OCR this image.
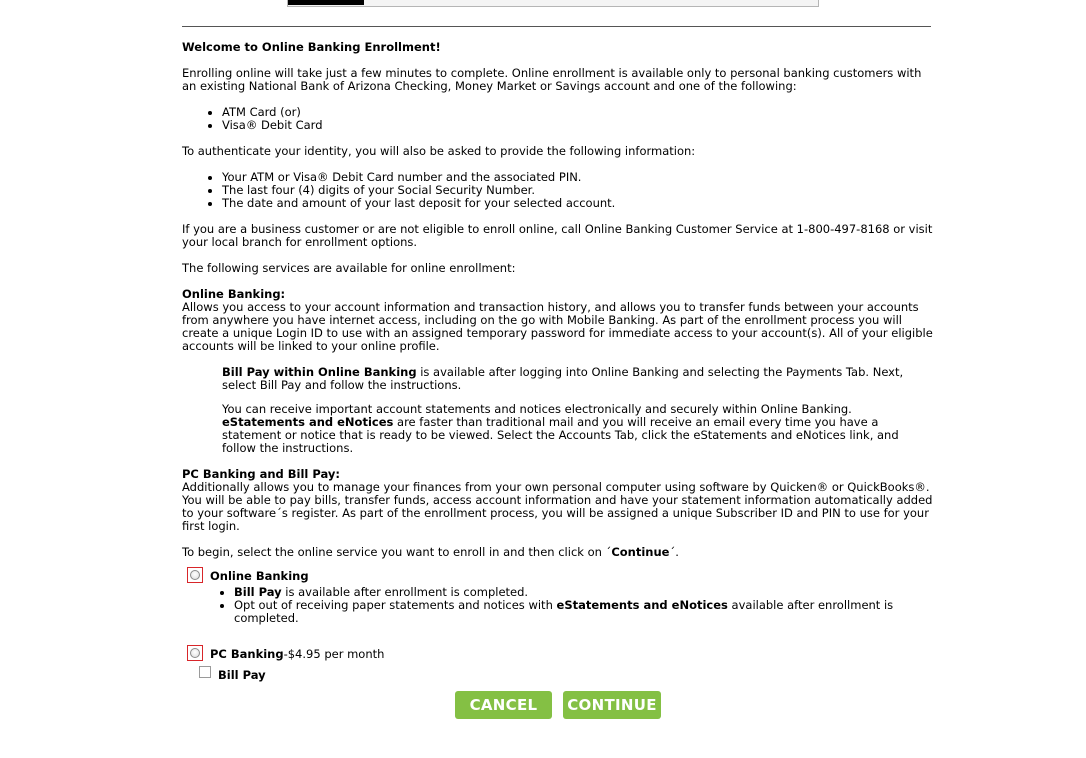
Welcome to Online Banking Enrollment!

Enrolling online will take just a few minutes to complete. Online enrollment is available only to personal banking customers with an existing National Bank of Arizona Checking, Money Market or Savings account and one of the following:

• ATM Card (or)
• Visa® Debit Card

To authenticate your identity, you will also be asked to provide the following information:

• Your ATM or Visa® Debit Card number and the associated PIN.
• The last four (4) digits of your Social Security Number.
• The date and amount of your last deposit for your selected account.

If you are a business customer or are not eligible to enroll online, call Online Banking Customer Service at 1-800-497-8168 or visit your local branch for enrollment options.

The following services are available for online enrollment:

Online Banking:

Allows you access to your account information and transaction history, and allows you to transfer funds between your accounts from anywhere you have internet access, including on the go with Mobile Banking. As part of the enrollment process you will create a unique Login ID to use with an assigned temporary password for immediate access to your account(s). All of your eligible accounts will be linked to your online profile.

Bill Pay within Online Banking is available after logging into Online Banking and selecting the Payments Tab. Next, select Bill Pay and follow the instructions.

You can receive important account statements and notices electronically and securely within Online Banking. eStatements and eNotices are faster than traditional mail and you will receive an email every time you have a statement or notice that is ready to be viewed. Select the Accounts Tab, click the eStatements and eNotices link, and follow the instructions.

PC Banking and Bill Pay:

Additionally allows you to manage your finances from your own personal computer using software by Quicken® or QuickBooks®. You will be able to pay bills, transfer funds, access account information and have your statement information automatically added to your software´s register. As part of the enrollment process, you will be assigned a unique Subscriber ID and PIN to use for your first login.

To begin, select the online service you want to enroll in and then click on ´Continue´.

Online Banking
• Bill Pay is available after enrollment is completed.
• Opt out of receiving paper statements and notices with eStatements and eNotices available after enrollment is completed.
PC Banking-$4.95 per month
Bill Pay
CANCEL	CONTINUE
